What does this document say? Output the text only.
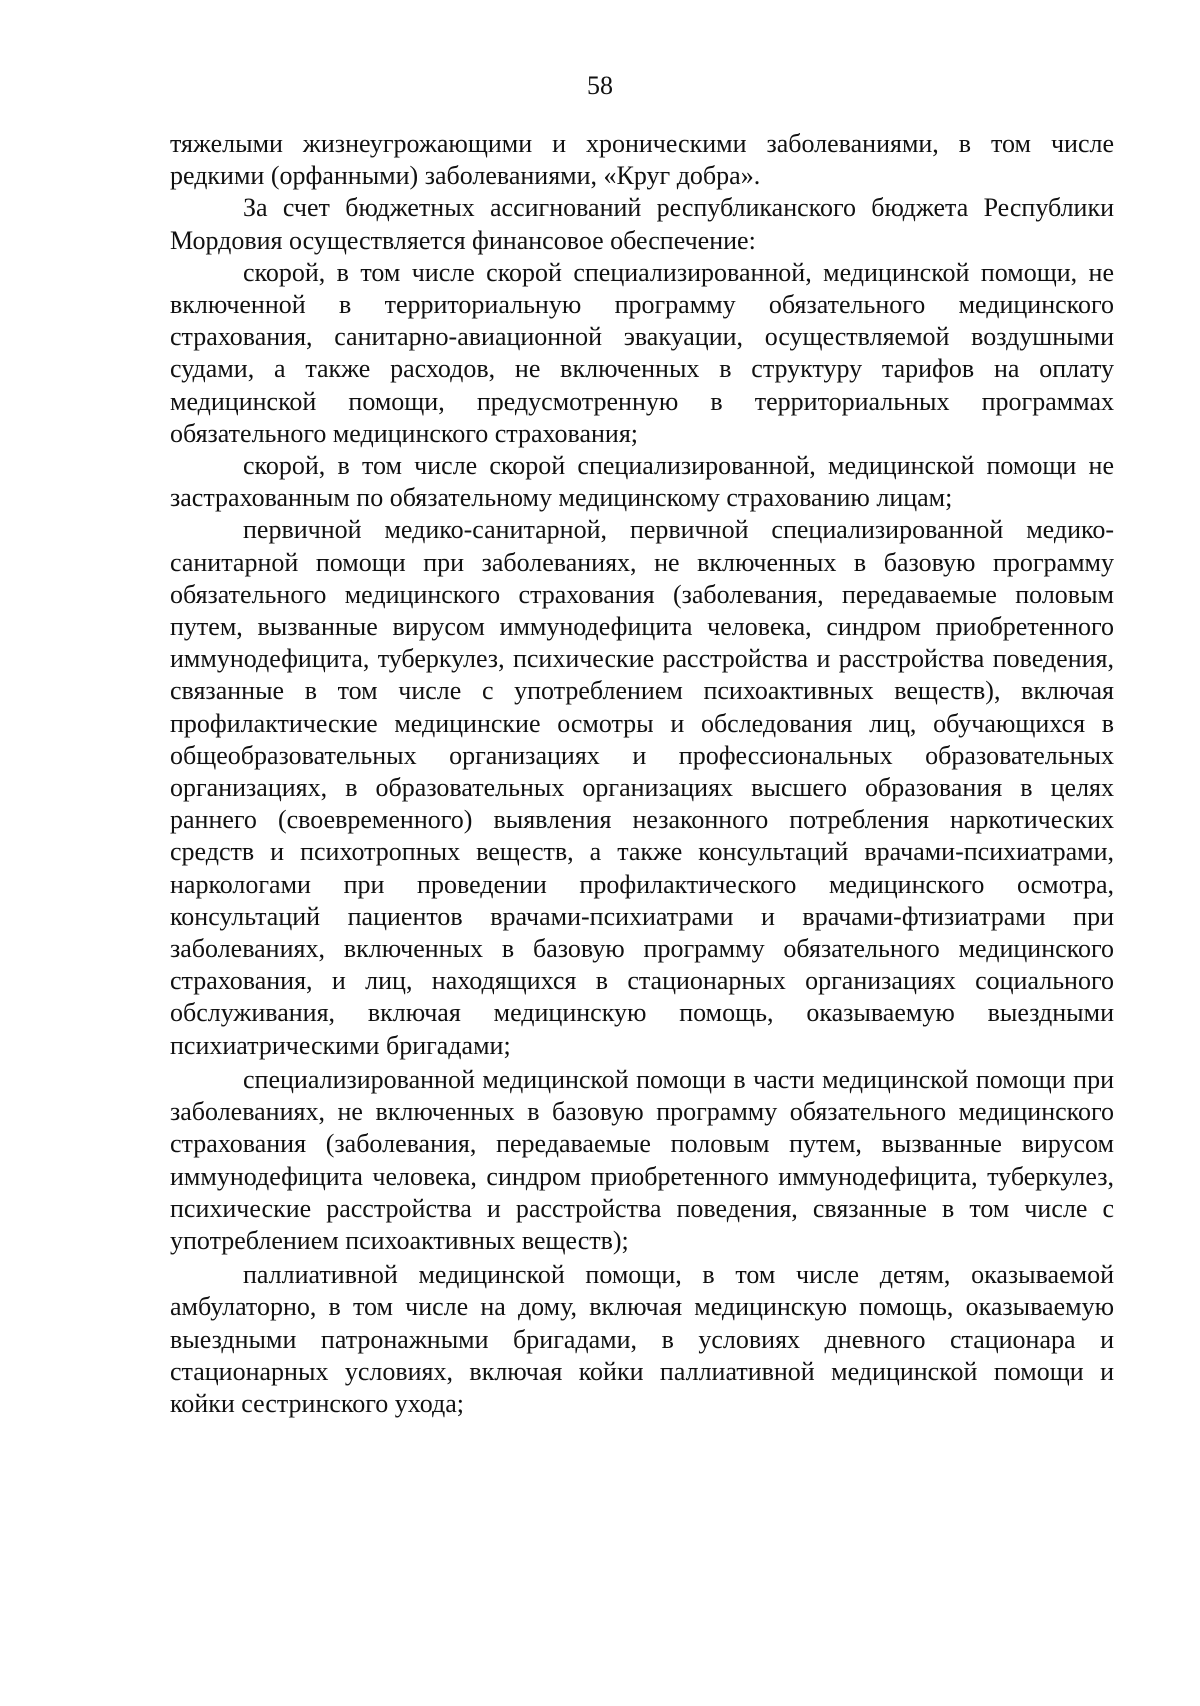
58

тяжелыми жизнеугрожающими и хроническими заболеваниями, в том числе редкими (орфанными) заболеваниями, «Круг добра».

За счет бюджетных ассигнований республиканского бюджета Республики Мордовия осуществляется финансовое обеспечение:

скорой, в том числе скорой специализированной, медицинской помощи, не включенной в территориальную программу обязательного медицинского страхования, санитарно-авиационной эвакуации, осуществляемой воздушными судами, а также расходов, не включенных в структуру тарифов на оплату медицинской помощи, предусмотренную в территориальных программах обязательного медицинского страхования;

скорой, в том числе скорой специализированной, медицинской помощи не застрахованным по обязательному медицинскому страхованию лицам;

первичной медико-санитарной, первичной специализированной медико-санитарной помощи при заболеваниях, не включенных в базовую программу обязательного медицинского страхования (заболевания, передаваемые половым путем, вызванные вирусом иммунодефицита человека, синдром приобретенного иммунодефицита, туберкулез, психические расстройства и расстройства поведения, связанные в том числе с употреблением психоактивных веществ), включая профилактические медицинские осмотры и обследования лиц, обучающихся в общеобразовательных организациях и профессиональных образовательных организациях, в образовательных организациях высшего образования в целях раннего (своевременного) выявления незаконного потребления наркотических средств и психотропных веществ, а также консультаций врачами-психиатрами, наркологами при проведении профилактического медицинского осмотра, консультаций пациентов врачами-психиатрами и врачами-фтизиатрами при заболеваниях, включенных в базовую программу обязательного медицинского страхования, и лиц, находящихся в стационарных организациях социального обслуживания, включая медицинскую помощь, оказываемую выездными психиатрическими бригадами;

специализированной медицинской помощи в части медицинской помощи при заболеваниях, не включенных в базовую программу обязательного медицинского страхования (заболевания, передаваемые половым путем, вызванные вирусом иммунодефицита человека, синдром приобретенного иммунодефицита, туберкулез, психические расстройства и расстройства поведения, связанные в том числе с употреблением психоактивных веществ);

паллиативной медицинской помощи, в том числе детям, оказываемой амбулаторно, в том числе на дому, включая медицинскую помощь, оказываемую выездными патронажными бригадами, в условиях дневного стационара и стационарных условиях, включая койки паллиативной медицинской помощи и койки сестринского ухода;
